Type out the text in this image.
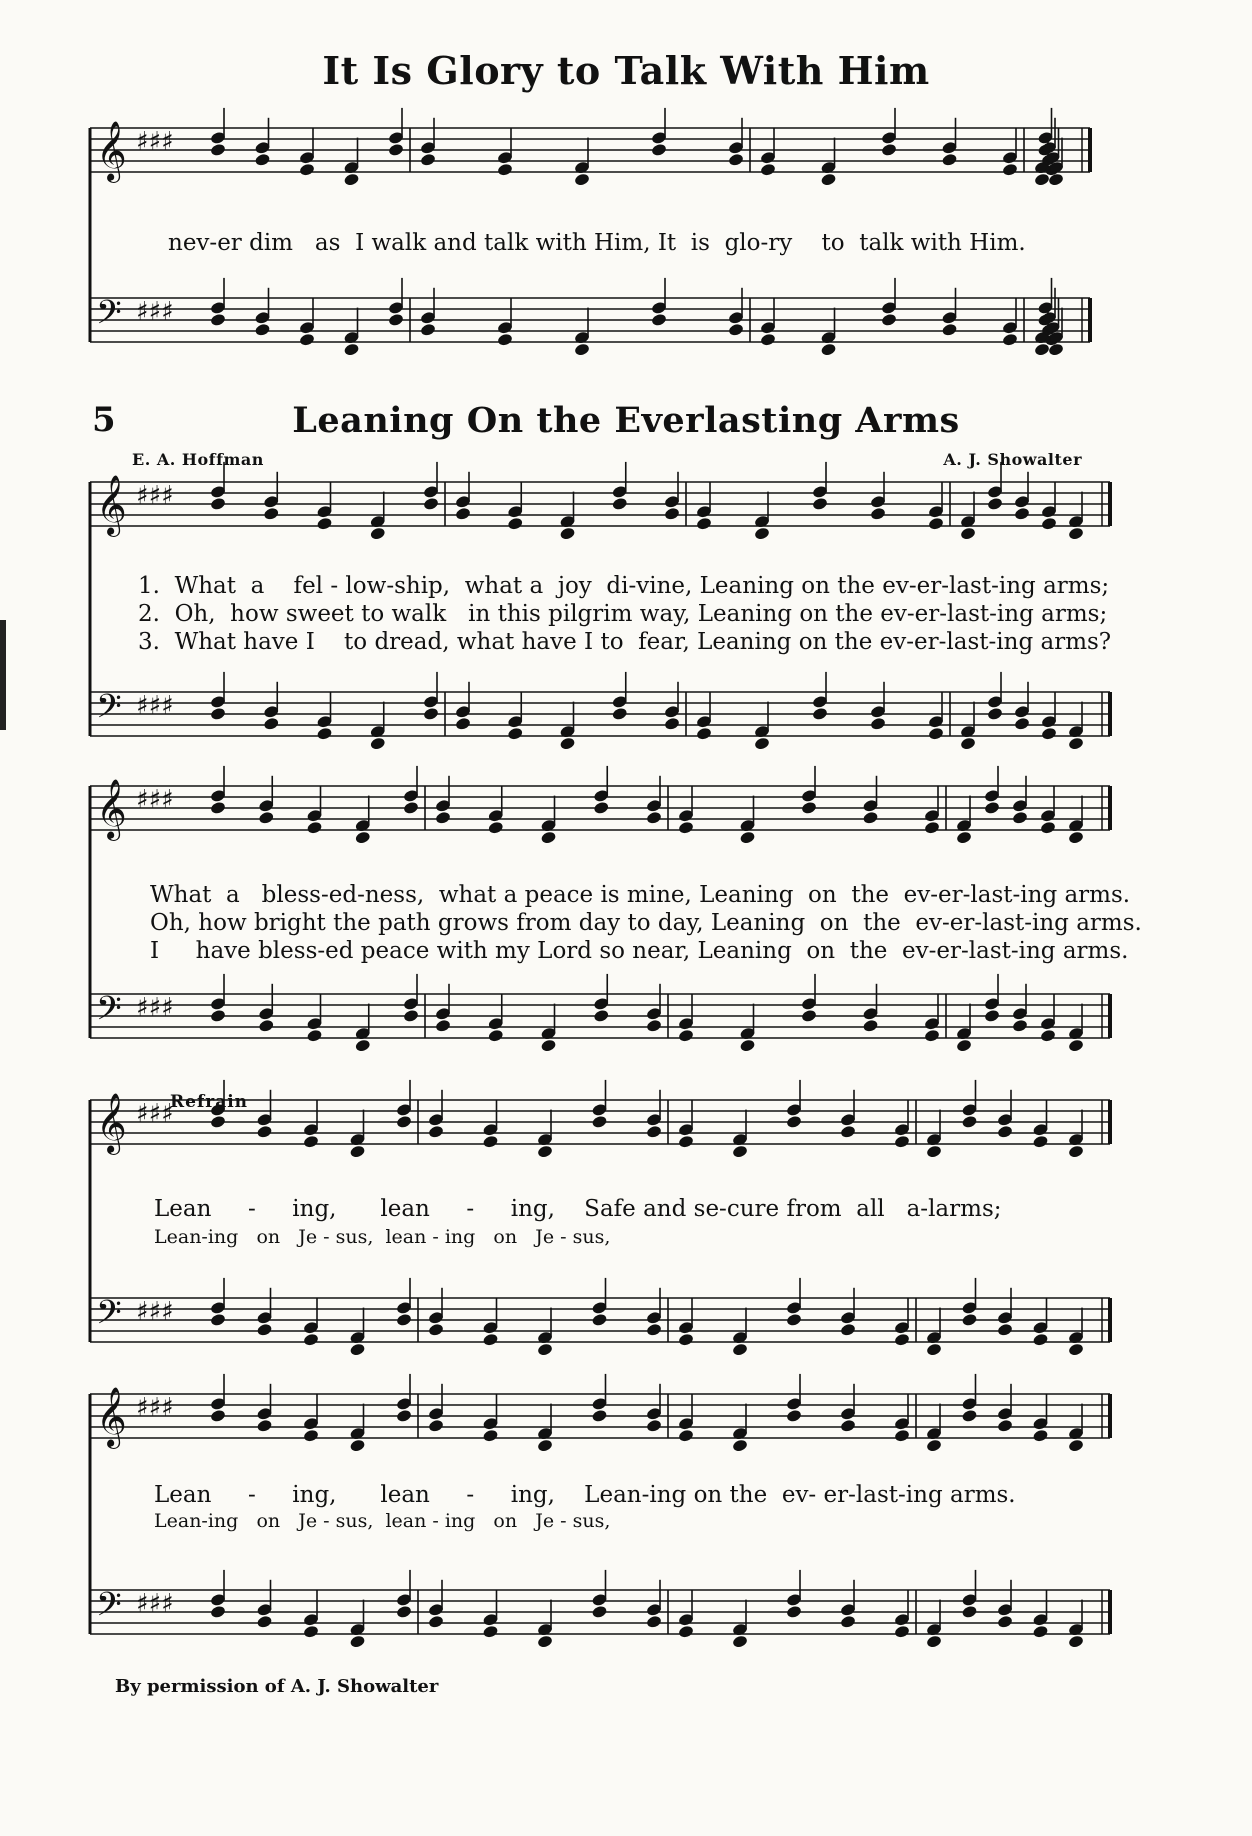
It Is Glory to Talk With Him
5	Leaning On the Everlasting Arms
E. A. Hoffman	A. J. Showalter
𝄞 ♯♯♯
𝄢 ♯♯♯
𝄞 ♯♯♯
𝄢 ♯♯♯
𝄞 ♯♯♯
𝄢 ♯♯♯
𝄞 ♯♯♯
𝄢 ♯♯♯
𝄞 ♯♯♯
𝄢 ♯♯♯
nev-er dim   as  I walk and talk with Him, It  is  glo-ry    to  talk with Him.
1.  What  a    fel - low-ship,  what a  joy  di-vine, Leaning on the ev-er-last-ing arms;
2.  Oh,  how sweet to walk   in this pilgrim way, Leaning on the ev-er-last-ing arms;
3.  What have I    to dread, what have I to  fear, Leaning on the ev-er-last-ing arms?
What  a   bless-ed-ness,  what a peace is mine, Leaning  on  the  ev-er-last-ing arms.
Oh, how bright the path grows from day to day, Leaning  on  the  ev-er-last-ing arms.
I     have bless-ed peace with my Lord so near, Leaning  on  the  ev-er-last-ing arms.
Refrain
Lean     -     ing,      lean     -     ing,    Safe and se-cure from  all   a-larms;
Lean-ing   on   Je - sus,  lean - ing   on   Je - sus,
Lean     -     ing,      lean     -     ing,    Lean-ing on the  ev- er-last-ing arms.
Lean-ing   on   Je - sus,  lean - ing   on   Je - sus,
By permission of A. J. Showalter
